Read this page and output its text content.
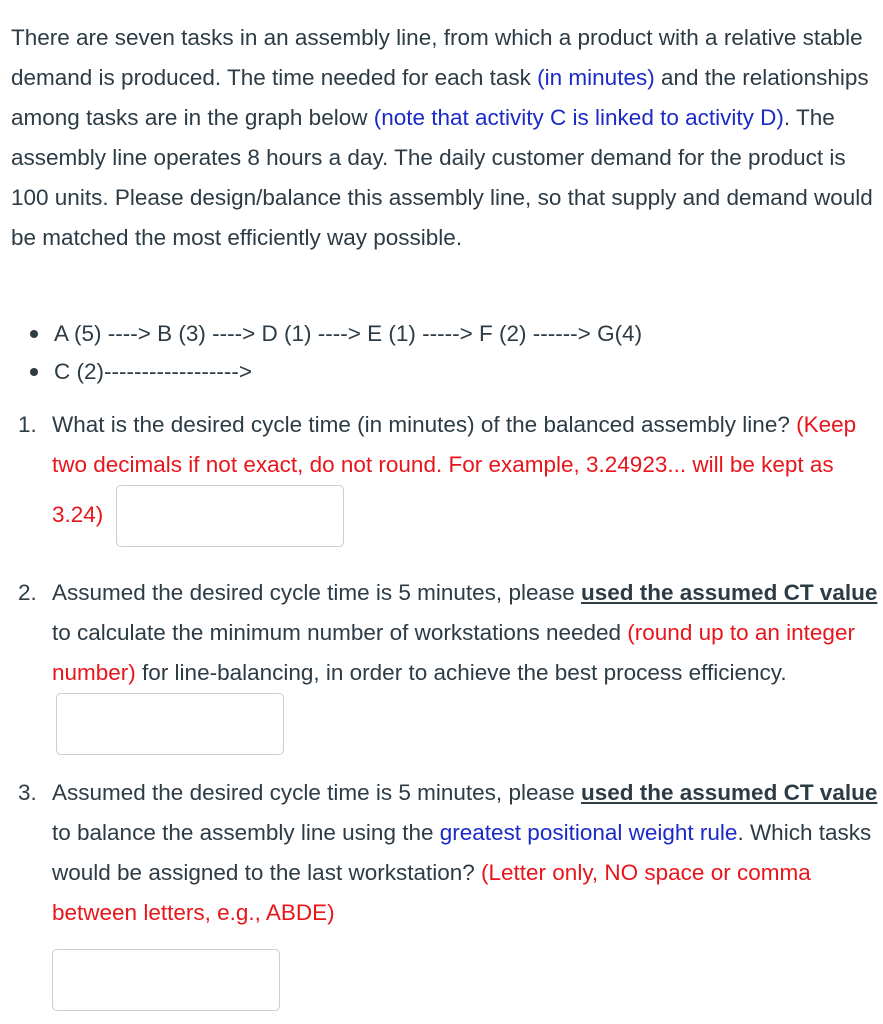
There are seven tasks in an assembly line, from which a product with a relative stable demand is produced. The time needed for each task (in minutes) and the relationships among tasks are in the graph below (note that activity C is linked to activity D). The assembly line operates 8 hours a day. The daily customer demand for the product is 100 units. Please design/balance this assembly line, so that supply and demand would be matched the most efficiently way possible.

A (5) ----> B (3) ----> D (1) ----> E (1) -----> F (2) ------> G(4)
C (2)------------------>
1. What is the desired cycle time (in minutes) of the balanced assembly line? (Keep two decimals if not exact, do not round. For example, 3.24923... will be kept as 3.24)
2. Assumed the desired cycle time is 5 minutes, please used the assumed CT value to calculate the minimum number of workstations needed (round up to an integer number) for line-balancing, in order to achieve the best process efficiency.
3. Assumed the desired cycle time is 5 minutes, please used the assumed CT value to balance the assembly line using the greatest positional weight rule. Which tasks would be assigned to the last workstation? (Letter only, NO space or comma between letters, e.g., ABDE)
